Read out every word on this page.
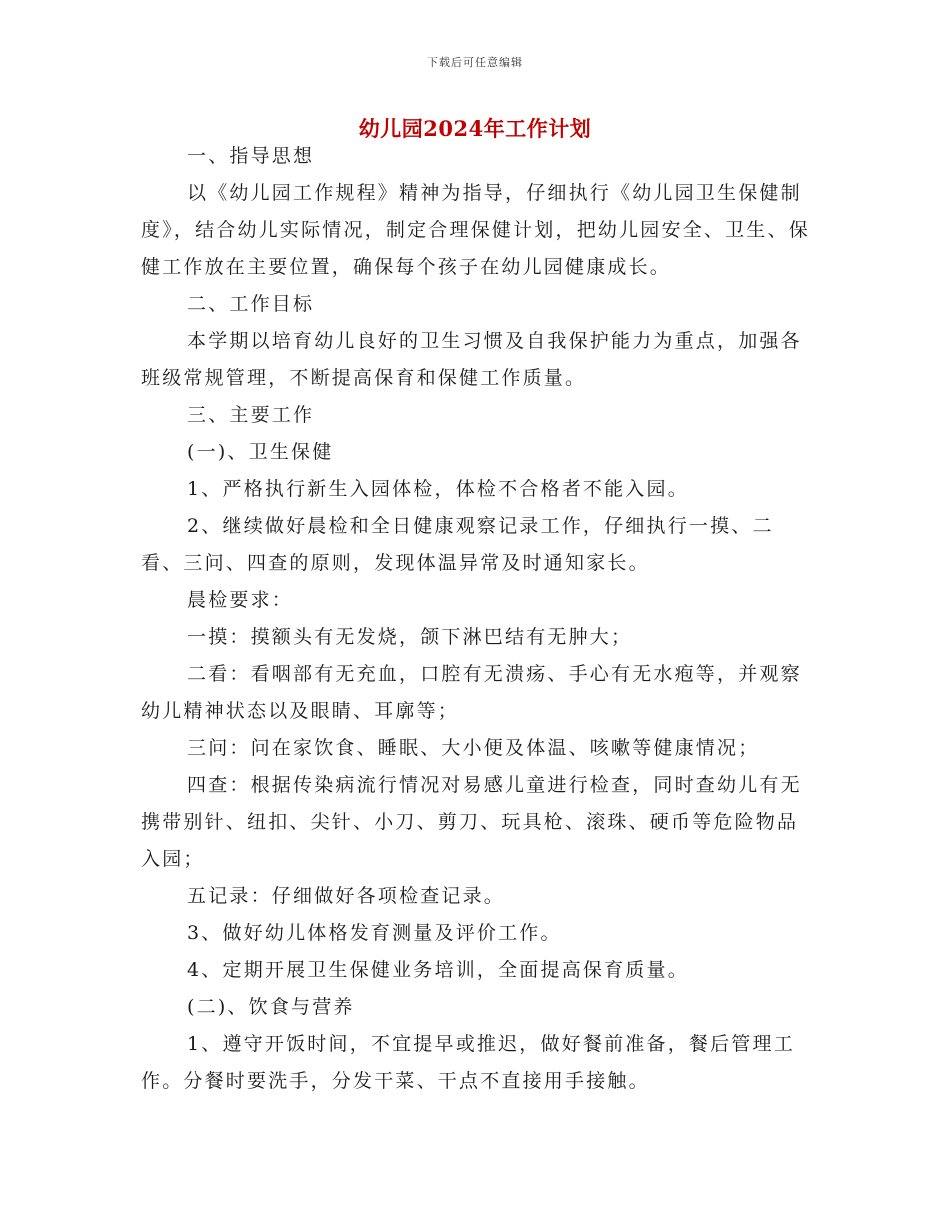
下载后可任意编辑
幼儿园2024年工作计划

一、指导思想

以《幼儿园工作规程》精神为指导，仔细执行《幼儿园卫生保健制度》，结合幼儿实际情况，制定合理保健计划，把幼儿园安全、卫生、保健工作放在主要位置，确保每个孩子在幼儿园健康成长。

二、工作目标

本学期以培育幼儿良好的卫生习惯及自我保护能力为重点，加强各班级常规管理，不断提高保育和保健工作质量。

三、主要工作

(一)、卫生保健

1、严格执行新生入园体检，体检不合格者不能入园。

2、继续做好晨检和全日健康观察记录工作，仔细执行一摸、二看、三问、四查的原则，发现体温异常及时通知家长。

晨检要求：

一摸：摸额头有无发烧，颌下淋巴结有无肿大；

二看：看咽部有无充血，口腔有无溃疡、手心有无水疱等，并观察幼儿精神状态以及眼睛、耳廓等；

三问：问在家饮食、睡眠、大小便及体温、咳嗽等健康情况；

四查：根据传染病流行情况对易感儿童进行检查，同时查幼儿有无携带别针、纽扣、尖针、小刀、剪刀、玩具枪、滚珠、硬币等危险物品入园；

五记录：仔细做好各项检查记录。

3、做好幼儿体格发育测量及评价工作。

4、定期开展卫生保健业务培训，全面提高保育质量。

(二)、饮食与营养

1、遵守开饭时间，不宜提早或推迟，做好餐前准备，餐后管理工作。分餐时要洗手，分发干菜、干点不直接用手接触。
